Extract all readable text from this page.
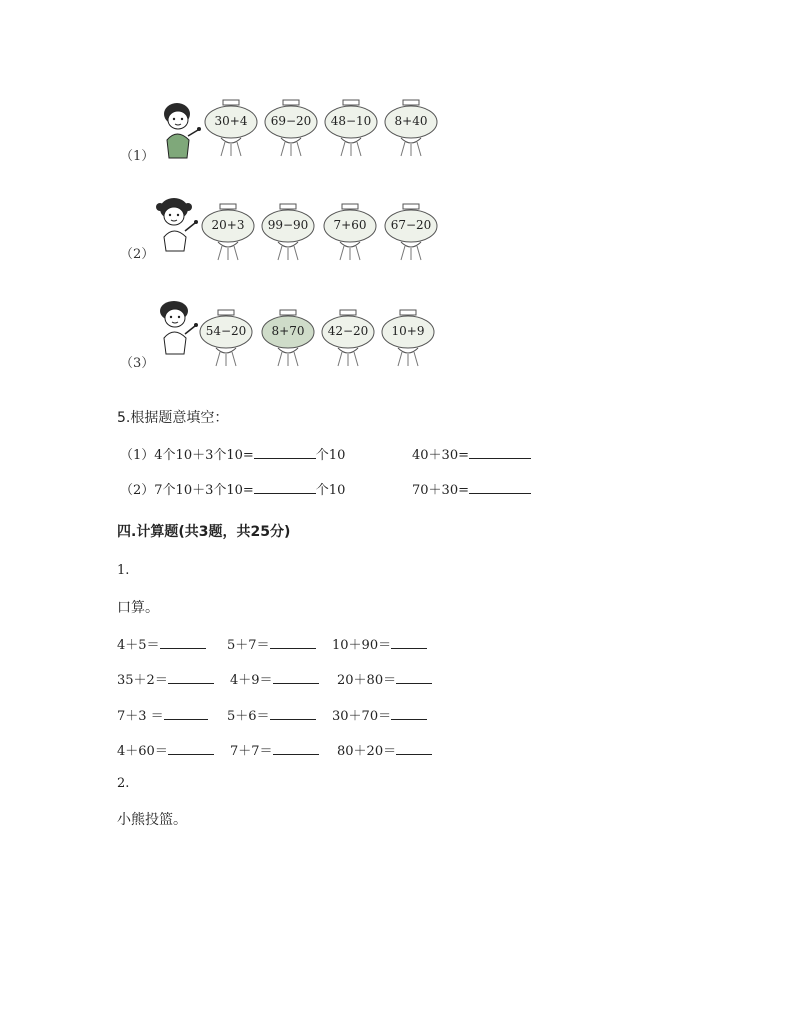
（1）
30+4	69−20	48−10	8+40
（2）
20+3	99−90	7+60	67−20
（3）
54−20	8+70	42−20	10+9
5.根据题意填空：
（1）4个10＋3个10=	个10	40＋30=
（2）7个10＋3个10=	个10	70＋30=
四.计算题(共3题，共25分)
1.
口算。
4＋5＝	5＋7＝	10＋90＝
35＋2＝	4＋9＝	20＋80＝
7＋3 ＝	5＋6＝	30＋70＝
4＋60＝	7＋7＝	80＋20＝
2.
小熊投篮。
